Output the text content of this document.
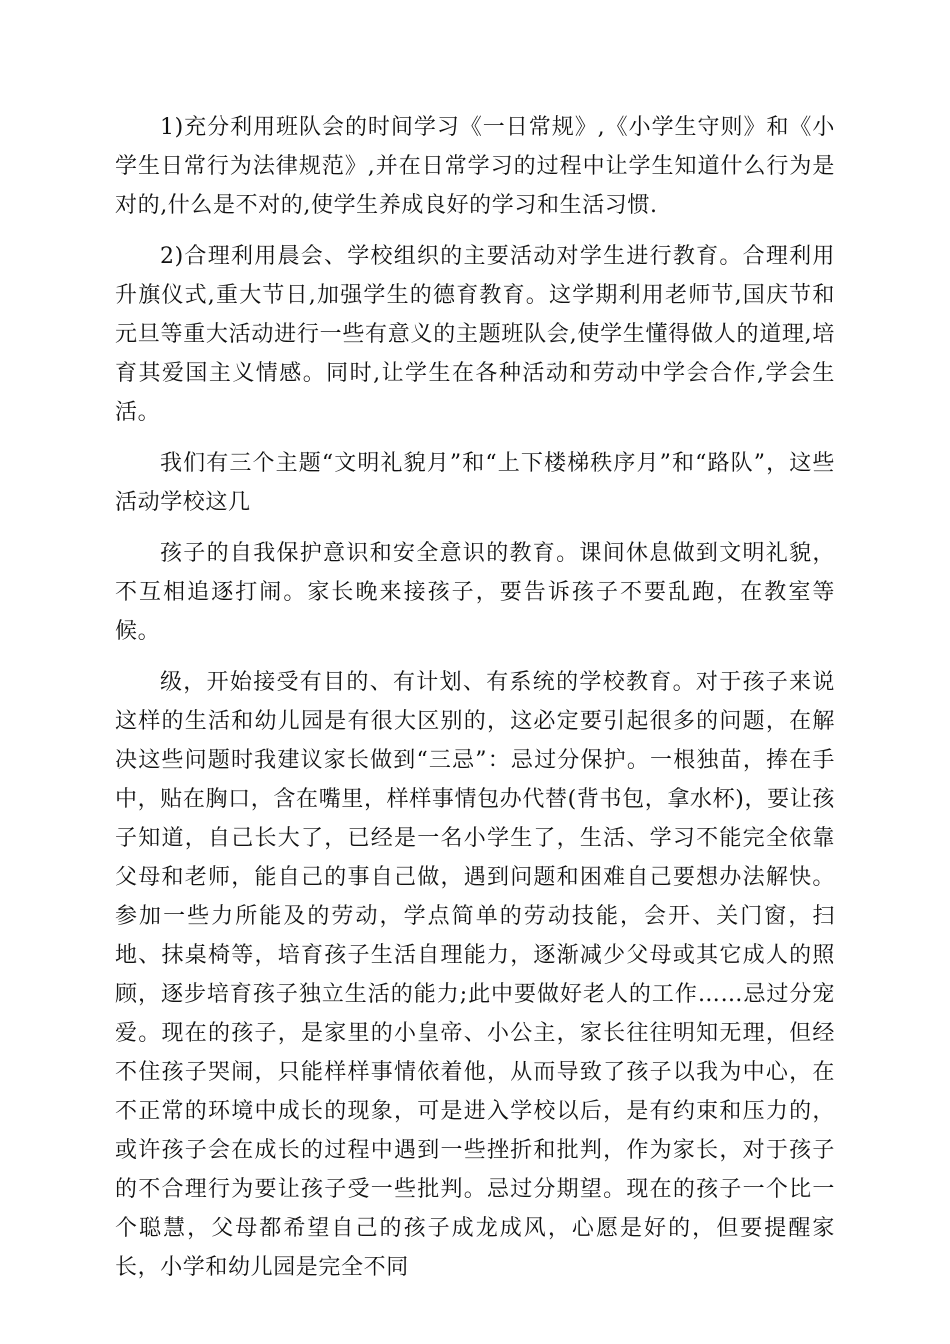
1)充分利用班队会的时间学习《一日常规》,《小学生守则》和《小学生日常行为法律规范》,并在日常学习的过程中让学生知道什么行为是对的,什么是不对的,使学生养成良好的学习和生活习惯.

2)合理利用晨会、学校组织的主要活动对学生进行教育。合理利用升旗仪式,重大节日,加强学生的德育教育。这学期利用老师节,国庆节和元旦等重大活动进行一些有意义的主题班队会,使学生懂得做人的道理,培育其爱国主义情感。同时,让学生在各种活动和劳动中学会合作,学会生活。

我们有三个主题“文明礼貌月”和“上下楼梯秩序月”和“路队”，这些活动学校这几

孩子的自我保护意识和安全意识的教育。课间休息做到文明礼貌，不互相追逐打闹。家长晚来接孩子，要告诉孩子不要乱跑，在教室等候。

级，开始接受有目的、有计划、有系统的学校教育。对于孩子来说这样的生活和幼儿园是有很大区别的，这必定要引起很多的问题，在解决这些问题时我建议家长做到“三忌”：忌过分保护。一根独苗，捧在手中，贴在胸口，含在嘴里，样样事情包办代替(背书包，拿水杯)，要让孩子知道，自己长大了，已经是一名小学生了，生活、学习不能完全依靠父母和老师，能自己的事自己做，遇到问题和困难自己要想办法解快。参加一些力所能及的劳动，学点简单的劳动技能，会开、关门窗，扫地、抹桌椅等，培育孩子生活自理能力，逐渐减少父母或其它成人的照顾，逐步培育孩子独立生活的能力;此中要做好老人的工作……忌过分宠爱。现在的孩子，是家里的小皇帝、小公主，家长往往明知无理，但经不住孩子哭闹，只能样样事情依着他，从而导致了孩子以我为中心，在不正常的环境中成长的现象，可是进入学校以后，是有约束和压力的，或许孩子会在成长的过程中遇到一些挫折和批判，作为家长，对于孩子的不合理行为要让孩子受一些批判。忌过分期望。现在的孩子一个比一个聪慧，父母都希望自己的孩子成龙成风，心愿是好的，但要提醒家长，小学和幼儿园是完全不同
